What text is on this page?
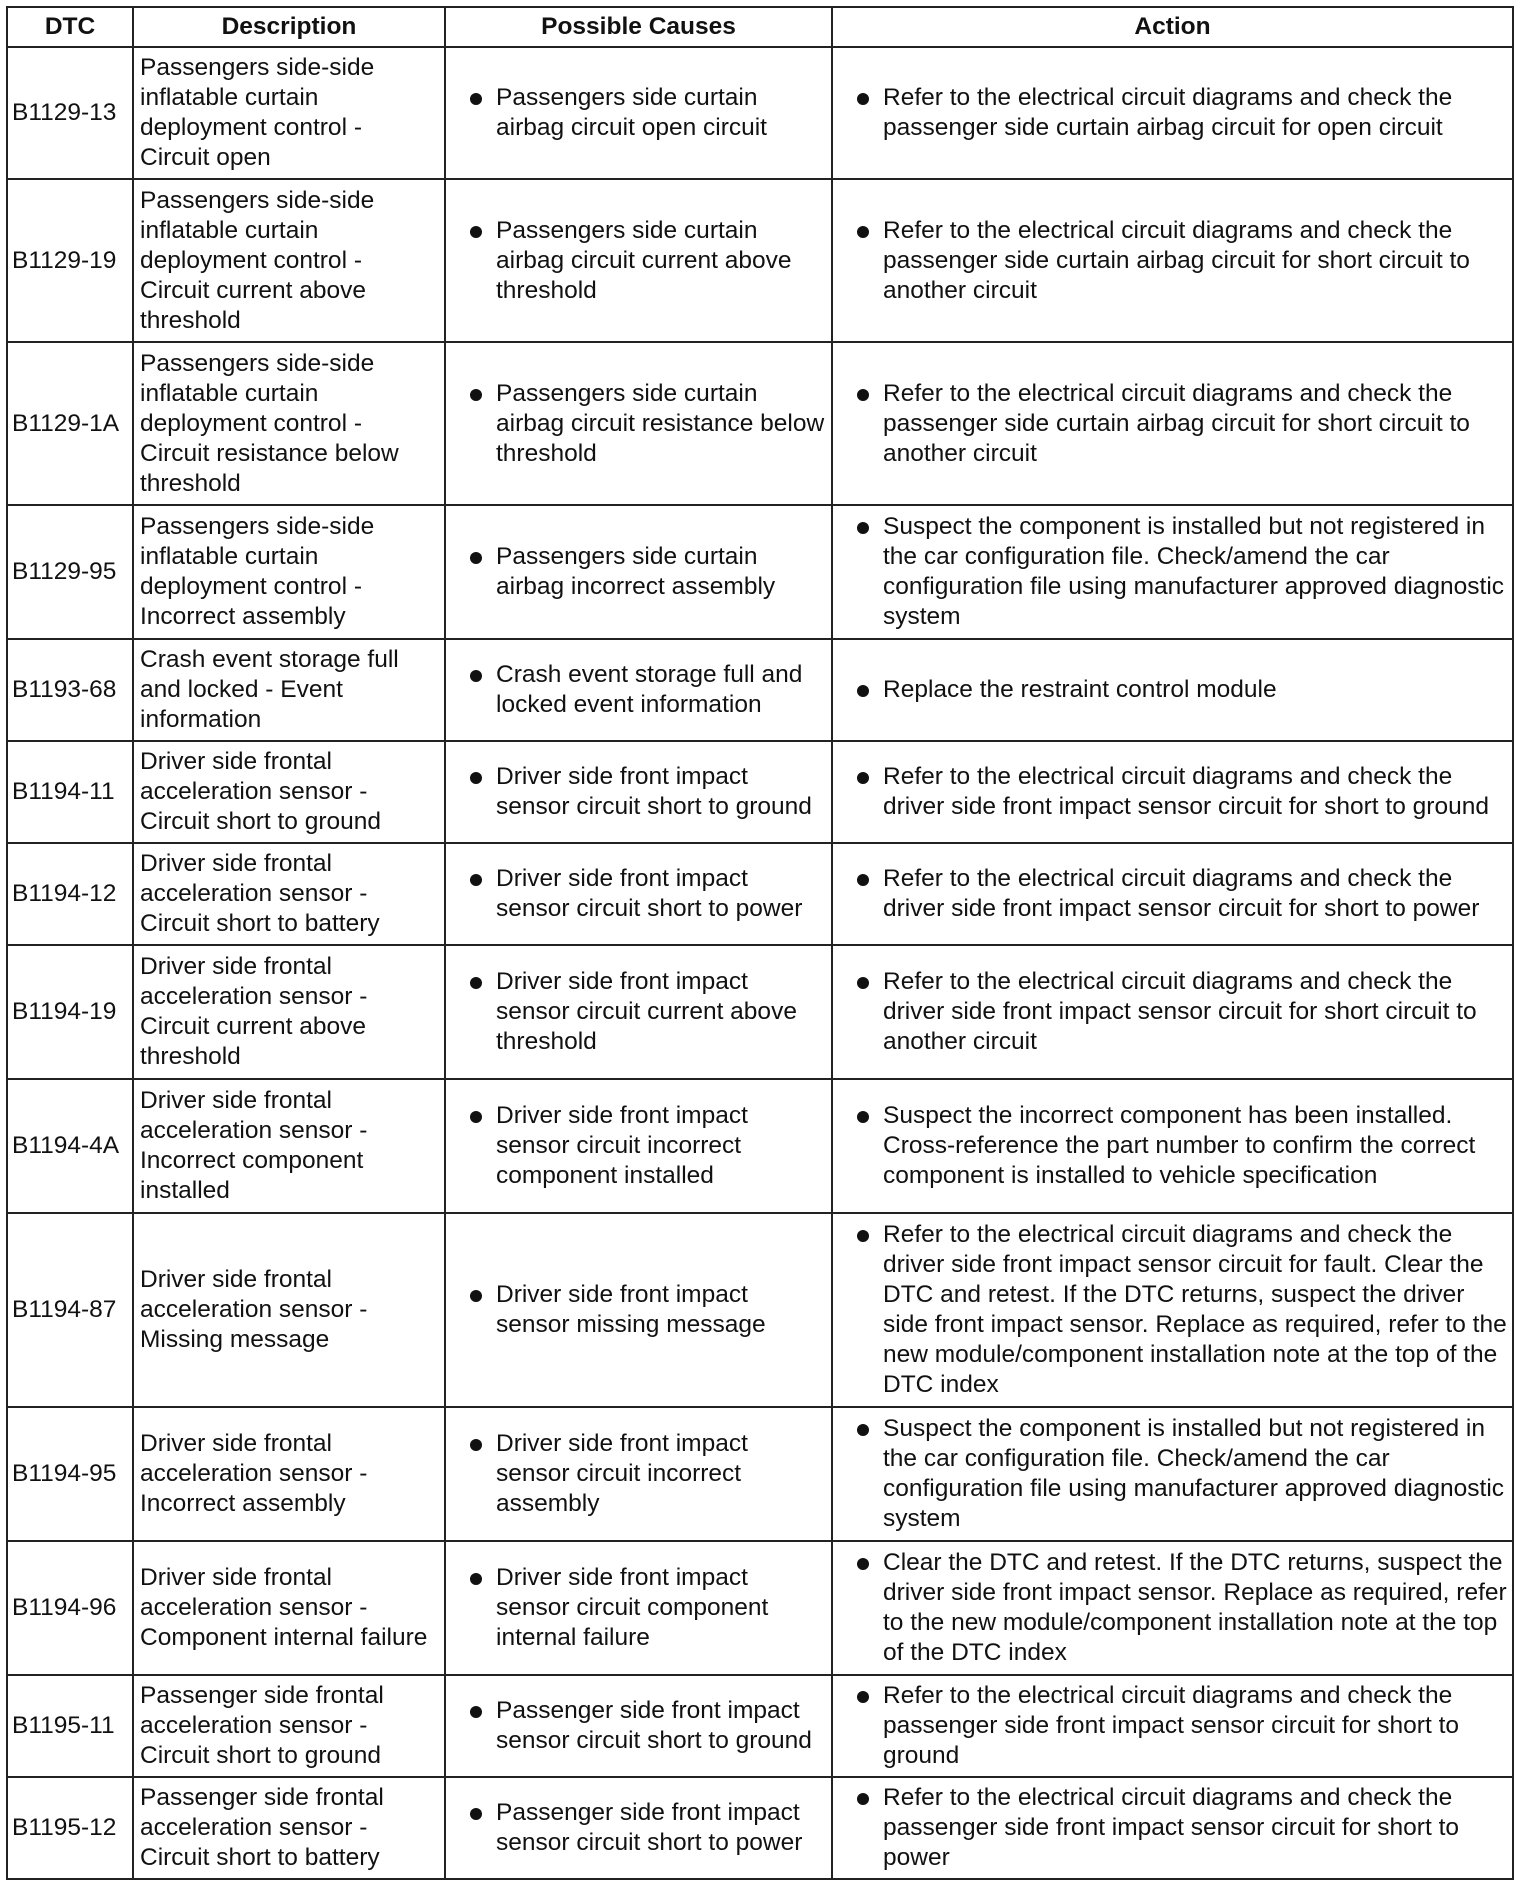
DTC	Description	Possible Causes	Action
B1129-13	Passengers side-side inflatable curtain deployment control - Circuit open	Passengers side curtain airbag circuit open circuit	Refer to the electrical circuit diagrams and check the passenger side curtain airbag circuit for open circuit

B1129-19	Passengers side-side inflatable curtain deployment control - Circuit current above threshold	Passengers side curtain airbag circuit current above threshold	Refer to the electrical circuit diagrams and check the passenger side curtain airbag circuit for short circuit to another circuit

B1129-1A	Passengers side-side inflatable curtain deployment control - Circuit resistance below threshold	Passengers side curtain airbag circuit resistance below threshold	Refer to the electrical circuit diagrams and check the passenger side curtain airbag circuit for short circuit to another circuit

B1129-95	Passengers side-side inflatable curtain deployment control - Incorrect assembly	Passengers side curtain airbag incorrect assembly	Suspect the component is installed but not registered in the car configuration file. Check/amend the car configuration file using manufacturer approved diagnostic system

B1193-68	Crash event storage full and locked - Event information	Crash event storage full and locked event information	Replace the restraint control module

B1194-11	Driver side frontal acceleration sensor - Circuit short to ground	Driver side front impact sensor circuit short to ground	Refer to the electrical circuit diagrams and check the driver side front impact sensor circuit for short to ground

B1194-12	Driver side frontal acceleration sensor - Circuit short to battery	Driver side front impact sensor circuit short to power	Refer to the electrical circuit diagrams and check the driver side front impact sensor circuit for short to power

B1194-19	Driver side frontal acceleration sensor - Circuit current above threshold	Driver side front impact sensor circuit current above threshold	Refer to the electrical circuit diagrams and check the driver side front impact sensor circuit for short circuit to another circuit

B1194-4A	Driver side frontal acceleration sensor - Incorrect component installed	Driver side front impact sensor circuit incorrect component installed	Suspect the incorrect component has been installed. Cross-reference the part number to confirm the correct component is installed to vehicle specification

B1194-87	Driver side frontal acceleration sensor - Missing message	Driver side front impact sensor missing message	Refer to the electrical circuit diagrams and check the driver side front impact sensor circuit for fault. Clear the DTC and retest. If the DTC returns, suspect the driver side front impact sensor. Replace as required, refer to the new module/component installation note at the top of the DTC index

B1194-95	Driver side frontal acceleration sensor - Incorrect assembly	Driver side front impact sensor circuit incorrect assembly	Suspect the component is installed but not registered in the car configuration file. Check/amend the car configuration file using manufacturer approved diagnostic system

B1194-96	Driver side frontal acceleration sensor - Component internal failure	Driver side front impact sensor circuit component internal failure	Clear the DTC and retest. If the DTC returns, suspect the driver side front impact sensor. Replace as required, refer to the new module/component installation note at the top of the DTC index

B1195-11	Passenger side frontal acceleration sensor - Circuit short to ground	Passenger side front impact sensor circuit short to ground	Refer to the electrical circuit diagrams and check the passenger side front impact sensor circuit for short to ground

B1195-12	Passenger side frontal acceleration sensor - Circuit short to battery	Passenger side front impact sensor circuit short to power	Refer to the electrical circuit diagrams and check the passenger side front impact sensor circuit for short to power
